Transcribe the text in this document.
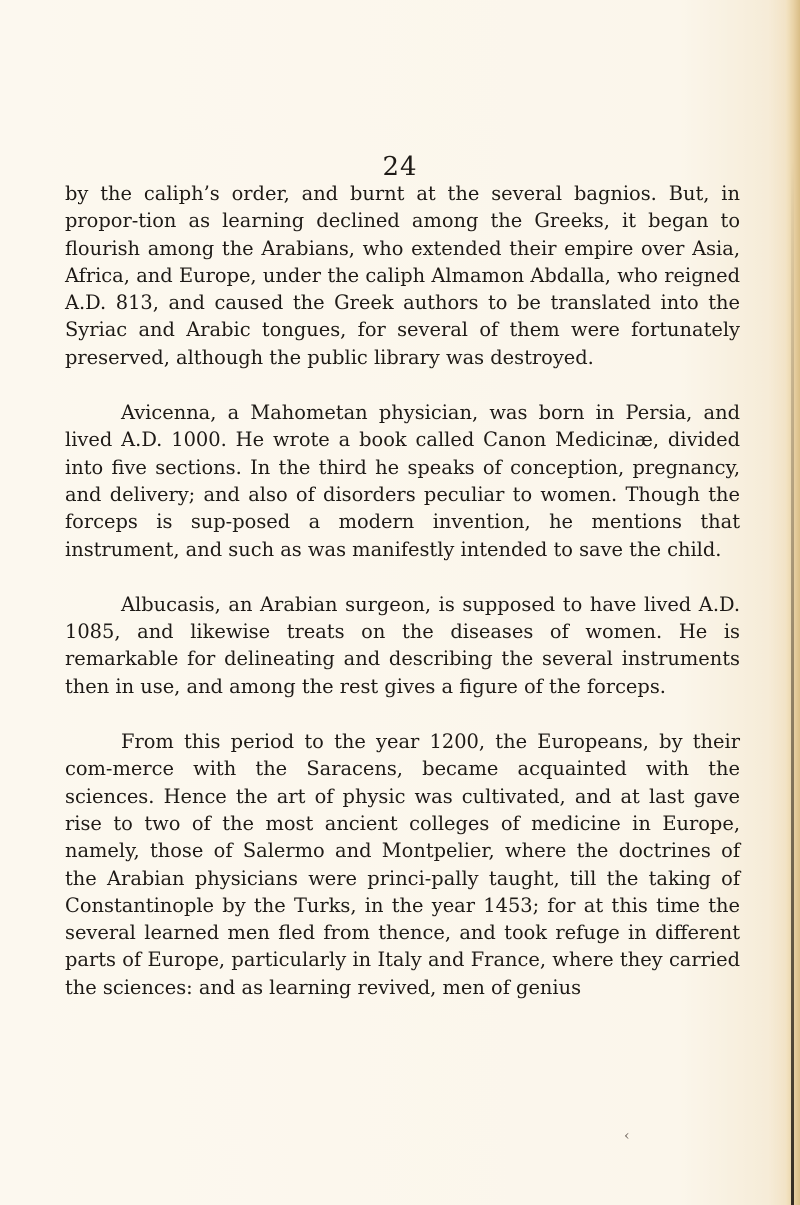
24

by the caliph’s order, and burnt at the several bagnios. But, in propor-tion as learning declined among the Greeks, it began to flourish among the Arabians, who extended their empire over Asia, Africa, and Europe, under the caliph Almamon Abdalla, who reigned A.D. 813, and caused the Greek authors to be translated into the Syriac and Arabic tongues, for several of them were fortunately preserved, although the public library was destroyed.

Avicenna, a Mahometan physician, was born in Persia, and lived A.D. 1000. He wrote a book called Canon Medicinæ, divided into five sections. In the third he speaks of conception, pregnancy, and delivery; and also of disorders peculiar to women. Though the forceps is sup-posed a modern invention, he mentions that instrument, and such as was manifestly intended to save the child.

Albucasis, an Arabian surgeon, is supposed to have lived A.D. 1085, and likewise treats on the diseases of women. He is remarkable for delineating and describing the several instruments then in use, and among the rest gives a figure of the forceps.

From this period to the year 1200, the Europeans, by their com-merce with the Saracens, became acquainted with the sciences. Hence the art of physic was cultivated, and at last gave rise to two of the most ancient colleges of medicine in Europe, namely, those of Salermo and Montpelier, where the doctrines of the Arabian physicians were princi-pally taught, till the taking of Constantinople by the Turks, in the year 1453; for at this time the several learned men fled from thence, and took refuge in different parts of Europe, particularly in Italy and France, where they carried the sciences: and as learning revived, men of genius

‹
